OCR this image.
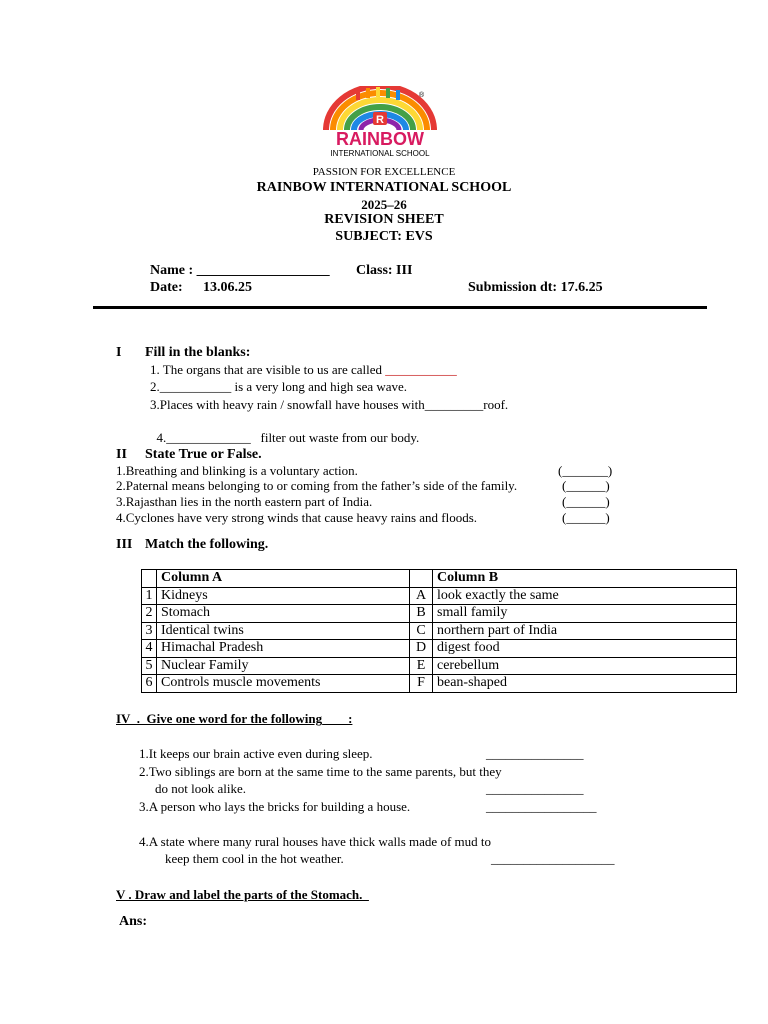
R
®
RAINBOW
INTERNATIONAL SCHOOL
PASSION FOR EXCELLENCE
RAINBOW INTERNATIONAL SCHOOL
2025–26
REVISION SHEET
SUBJECT: EVS
Name : ___________________ Class: III
Date: 13.06.25	Submission dt: 17.6.25
I Fill in the blanks:
1. The organs that are visible to us are called ___________
2.___________ is a very long and high sea wave.
3.Places with heavy rain / snowfall have houses with_________roof.

4._____________   filter out waste from our body.

II State True or False.
1.Breathing and blinking is a voluntary action.	(_______)
2.Paternal means belonging to or coming from the father’s side of the family.	(______)
3.Rajasthan lies in the north eastern part of India.	(______)
4.Cyclones have very strong winds that cause heavy rains and floods.	(______)
III Match the following.
	Column A		Column B
1	Kidneys	A	look exactly the same
2	Stomach	B	small family
3	Identical twins	C	northern part of India
4	Himachal Pradesh	D	digest food
5	Nuclear Family	E	cerebellum
6	Controls muscle movements	F	bean-shaped
IV  .  Give one word for the following____:
1.It keeps our brain active even during sleep.	_______________
2.Two siblings are born at the same time to the same parents, but they
do not look alike.	_______________
3.A person who lays the bricks for building a house.	_________________
4.A state where many rural houses have thick walls made of mud to
keep them cool in the hot weather.	___________________
V . Draw and label the parts of the Stomach.
Ans:
